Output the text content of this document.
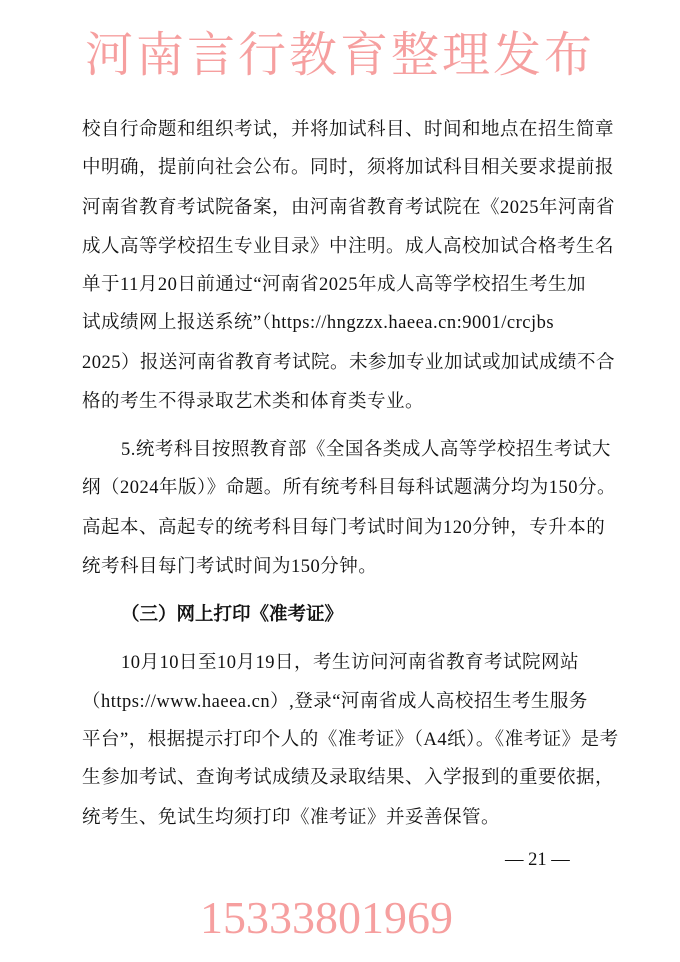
河南言行教育整理发布
校自行命题和组织考试，并将加试科目、时间和地点在招生简章
中明确，提前向社会公布。同时，须将加试科目相关要求提前报
河南省教育考试院备案，由河南省教育考试院在《2025年河南省
成人高等学校招生专业目录》中注明。成人高校加试合格考生名
单于11月20日前通过“河南省2025年成人高等学校招生考生加
试成绩网上报送系统”（https://hngzzx.haeea.cn:9001/crcjbs
2025）报送河南省教育考试院。未参加专业加试或加试成绩不合
格的考生不得录取艺术类和体育类专业。
5.统考科目按照教育部《全国各类成人高等学校招生考试大
纲（2024年版）》命题。所有统考科目每科试题满分均为150分。
高起本、高起专的统考科目每门考试时间为120分钟，专升本的
统考科目每门考试时间为150分钟。
（三）网上打印《准考证》
10月10日至10月19日，考生访问河南省教育考试院网站
（https://www.haeea.cn）,登录“河南省成人高校招生考生服务
平台”，根据提示打印个人的《准考证》（A4纸）。《准考证》是考
生参加考试、查询考试成绩及录取结果、入学报到的重要依据，
统考生、免试生均须打印《准考证》并妥善保管。
— 21 —
15333801969
